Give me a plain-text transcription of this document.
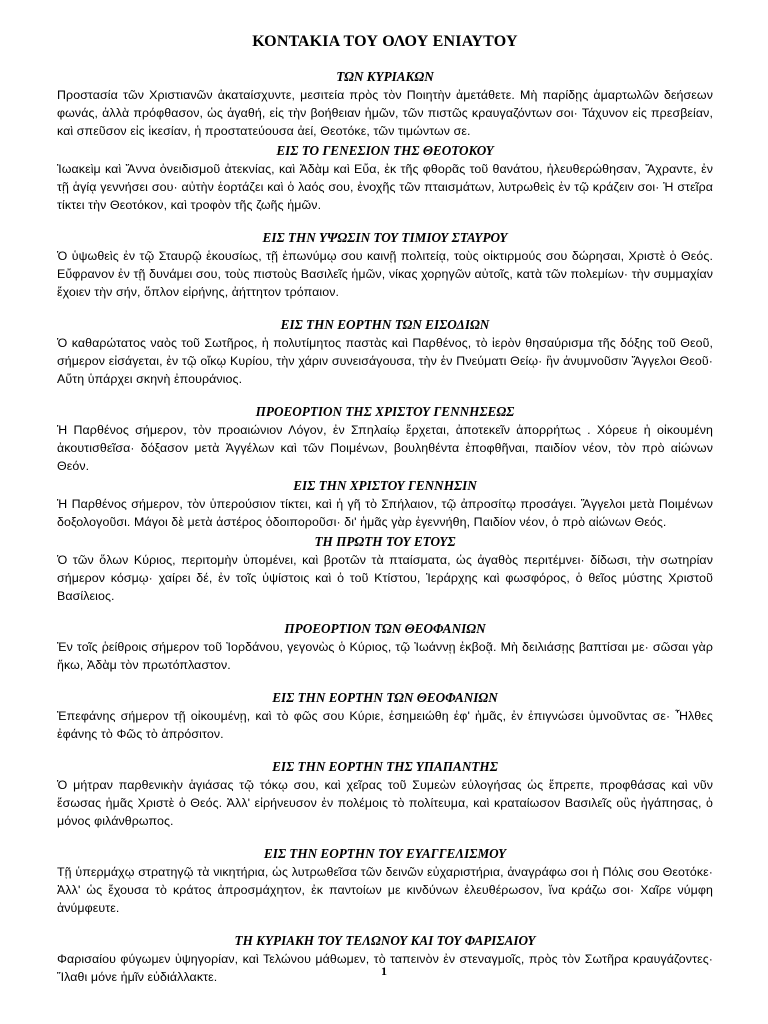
ΚΟΝΤΑΚΙΑ ΤΟΥ ΟΛΟΥ ΕΝΙΑΥΤΟΥ
ΤΩΝ ΚΥΡΙΑΚΩΝ
Προστασία τῶν Χριστιανῶν ἀκαταίσχυντε, μεσιτεία πρὸς τὸν Ποιητὴν ἀμετάθετε. Μὴ παρίδῃς ἁμαρτωλῶν δεήσεων φωνάς, ἀλλὰ πρόφθασον, ὡς ἀγαθή, εἰς τὴν βοήθειαν ἡμῶν, τῶν πιστῶς κραυγαζόντων σοι· Τάχυνον εἰς πρεσβείαν, καὶ σπεῦσον εἰς ἱκεσίαν, ἡ προστατεύουσα ἀεί, Θεοτόκε, τῶν τιμώντων σε.
ΕΙΣ ΤΟ ΓΕΝΕΣΙΟΝ ΤΗΣ ΘΕΟΤΟΚΟΥ
Ἰωακεὶμ καὶ Ἄννα ὀνειδισμοῦ ἀτεκνίας, καὶ Ἀδὰμ καὶ Εὔα, ἐκ τῆς φθορᾶς τοῦ θανάτου, ἠλευθερώθησαν, Ἄχραντε, ἐν τῇ ἁγίᾳ γεννήσει σου· αὐτὴν ἑορτάζει καὶ ὁ λαός σου, ἐνοχῆς τῶν πταισμάτων, λυτρωθεὶς ἐν τῷ κράζειν σοι· Ἡ στεῖρα τίκτει τὴν Θεοτόκον, καὶ τροφὸν τῆς ζωῆς ἡμῶν.
ΕΙΣ ΤΗΝ ΥΨΩΣΙΝ ΤΟΥ ΤΙΜΙΟΥ ΣΤΑΥΡΟΥ
Ὁ ὑψωθεὶς ἐν τῷ Σταυρῷ ἑκουσίως, τῇ ἐπωνύμῳ σου καινῇ πολιτείᾳ, τοὺς οἰκτιρμούς σου δώρησαι, Χριστὲ ὁ Θεός. Εὔφρανον ἐν τῇ δυνάμει σου, τοὺς πιστοὺς Βασιλεῖς ἡμῶν, νίκας χορηγῶν αὐτοῖς, κατὰ τῶν πολεμίων· τὴν συμμαχίαν ἔχοιεν τὴν σήν, ὅπλον εἰρήνης, ἀήττητον τρόπαιον.
ΕΙΣ ΤΗΝ ΕΟΡΤΗΝ ΤΩΝ ΕΙΣΟΔΙΩΝ
Ὁ καθαρώτατος ναὸς τοῦ Σωτῆρος, ἡ πολυτίμητος παστὰς καὶ Παρθένος, τὸ ἱερὸν θησαύρισμα τῆς δόξης τοῦ Θεοῦ, σήμερον εἰσάγεται, ἐν τῷ οἴκῳ Κυρίου, τὴν χάριν συνεισάγουσα, τὴν ἐν Πνεύματι Θείῳ· ἣν ἀνυμνοῦσιν Ἄγγελοι Θεοῦ· Αὕτη ὑπάρχει σκηνὴ ἐπουράνιος.
ΠΡΟΕΟΡΤΙΟΝ ΤΗΣ ΧΡΙΣΤΟΥ ΓΕΝΝΗΣΕΩΣ
Ἡ Παρθένος σήμερον, τὸν προαιώνιον Λόγον, ἐν Σπηλαίῳ ἔρχεται, ἀποτεκεῖν ἀπορρήτως . Χόρευε ἡ οἰκουμένη ἀκουτισθεῖσα· δόξασον μετὰ Ἀγγέλων καὶ τῶν Ποιμένων, βουληθέντα ἐποφθῆναι, παιδίον νέον, τὸν πρὸ αἰώνων Θεόν.
ΕΙΣ ΤΗΝ ΧΡΙΣΤΟΥ ΓΕΝΝΗΣΙΝ
Ἡ Παρθένος σήμερον, τὸν ὑπερούσιον τίκτει, καὶ ἡ γῆ τὸ Σπήλαιον, τῷ ἀπροσίτῳ προσάγει. Ἄγγελοι μετὰ Ποιμένων δοξολογοῦσι. Μάγοι δὲ μετὰ ἀστέρος ὁδοιποροῦσι· δι' ἡμᾶς γὰρ ἐγεννήθη, Παιδίον νέον, ὁ πρὸ αἰώνων Θεός.
ΤΗ ΠΡΩΤΗ ΤΟΥ ΕΤΟΥΣ
Ὁ τῶν ὅλων Κύριος, περιτομὴν ὑπομένει, καὶ βροτῶν τὰ πταίσματα, ὡς ἀγαθὸς περιτέμνει· δίδωσι, τὴν σωτηρίαν σήμερον κόσμῳ· χαίρει δέ, ἐν τοῖς ὑψίστοις καὶ ὁ τοῦ Κτίστου, Ἱεράρχης καὶ φωσφόρος, ὁ θεῖος μύστης Χριστοῦ Βασίλειος.
ΠΡΟΕΟΡΤΙΟΝ ΤΩΝ ΘΕΟΦΑΝΙΩΝ
Ἐν τοῖς ῥείθροις σήμερον τοῦ Ἰορδάνου, γεγονὼς ὁ Κύριος, τῷ Ἰωάννῃ ἐκβοᾷ. Μὴ δειλιάσῃς βαπτίσαι με· σῶσαι γὰρ ἥκω, Ἀδὰμ τὸν πρωτόπλαστον.
ΕΙΣ ΤΗΝ ΕΟΡΤΗΝ ΤΩΝ ΘΕΟΦΑΝΙΩΝ
Ἐπεφάνης σήμερον τῇ οἰκουμένῃ, καὶ τὸ φῶς σου Κύριε, ἐσημειώθη ἐφ' ἡμᾶς, ἐν ἐπιγνώσει ὑμνοῦντας σε· Ἦλθες ἐφάνης τὸ Φῶς τὸ ἀπρόσιτον.
ΕΙΣ ΤΗΝ ΕΟΡΤΗΝ ΤΗΣ ΥΠΑΠΑΝΤΗΣ
Ὁ μήτραν παρθενικὴν ἁγιάσας τῷ τόκῳ σου, καὶ χεῖρας τοῦ Συμεὼν εὐλογήσας ὡς ἔπρεπε, προφθάσας καὶ νῦν ἔσωσας ἡμᾶς Χριστὲ ὁ Θεός. Ἀλλ' εἰρήνευσον ἐν πολέμοις τὸ πολίτευμα, καὶ κραταίωσον Βασιλεῖς οὓς ἠγάπησας, ὁ μόνος φιλάνθρωπος.
ΕΙΣ ΤΗΝ ΕΟΡΤΗΝ ΤΟΥ ΕΥΑΓΓΕΛΙΣΜΟΥ
Τῇ ὑπερμάχῳ στρατηγῷ τὰ νικητήρια, ὡς λυτρωθεῖσα τῶν δεινῶν εὐχαριστήρια, ἀναγράφω σοι ἡ Πόλις σου Θεοτόκε· Ἀλλ' ὡς ἔχουσα τὸ κράτος ἀπροσμάχητον, ἐκ παντοίων με κινδύνων ἐλευθέρωσον, ἵνα κράζω σοι· Χαῖρε νύμφη ἀνύμφευτε.
ΤΗ ΚΥΡΙΑΚΗ ΤΟΥ ΤΕΛΩΝΟΥ ΚΑΙ ΤΟΥ ΦΑΡΙΣΑΙΟΥ
Φαρισαίου φύγωμεν ὑψηγορίαν, καὶ Τελώνου μάθωμεν, τὸ ταπεινὸν ἐν στεναγμοῖς, πρὸς τὸν Σωτῆρα κραυγάζοντες· Ἵλαθι μόνε ἡμῖν εὐδιάλλακτε.	1
